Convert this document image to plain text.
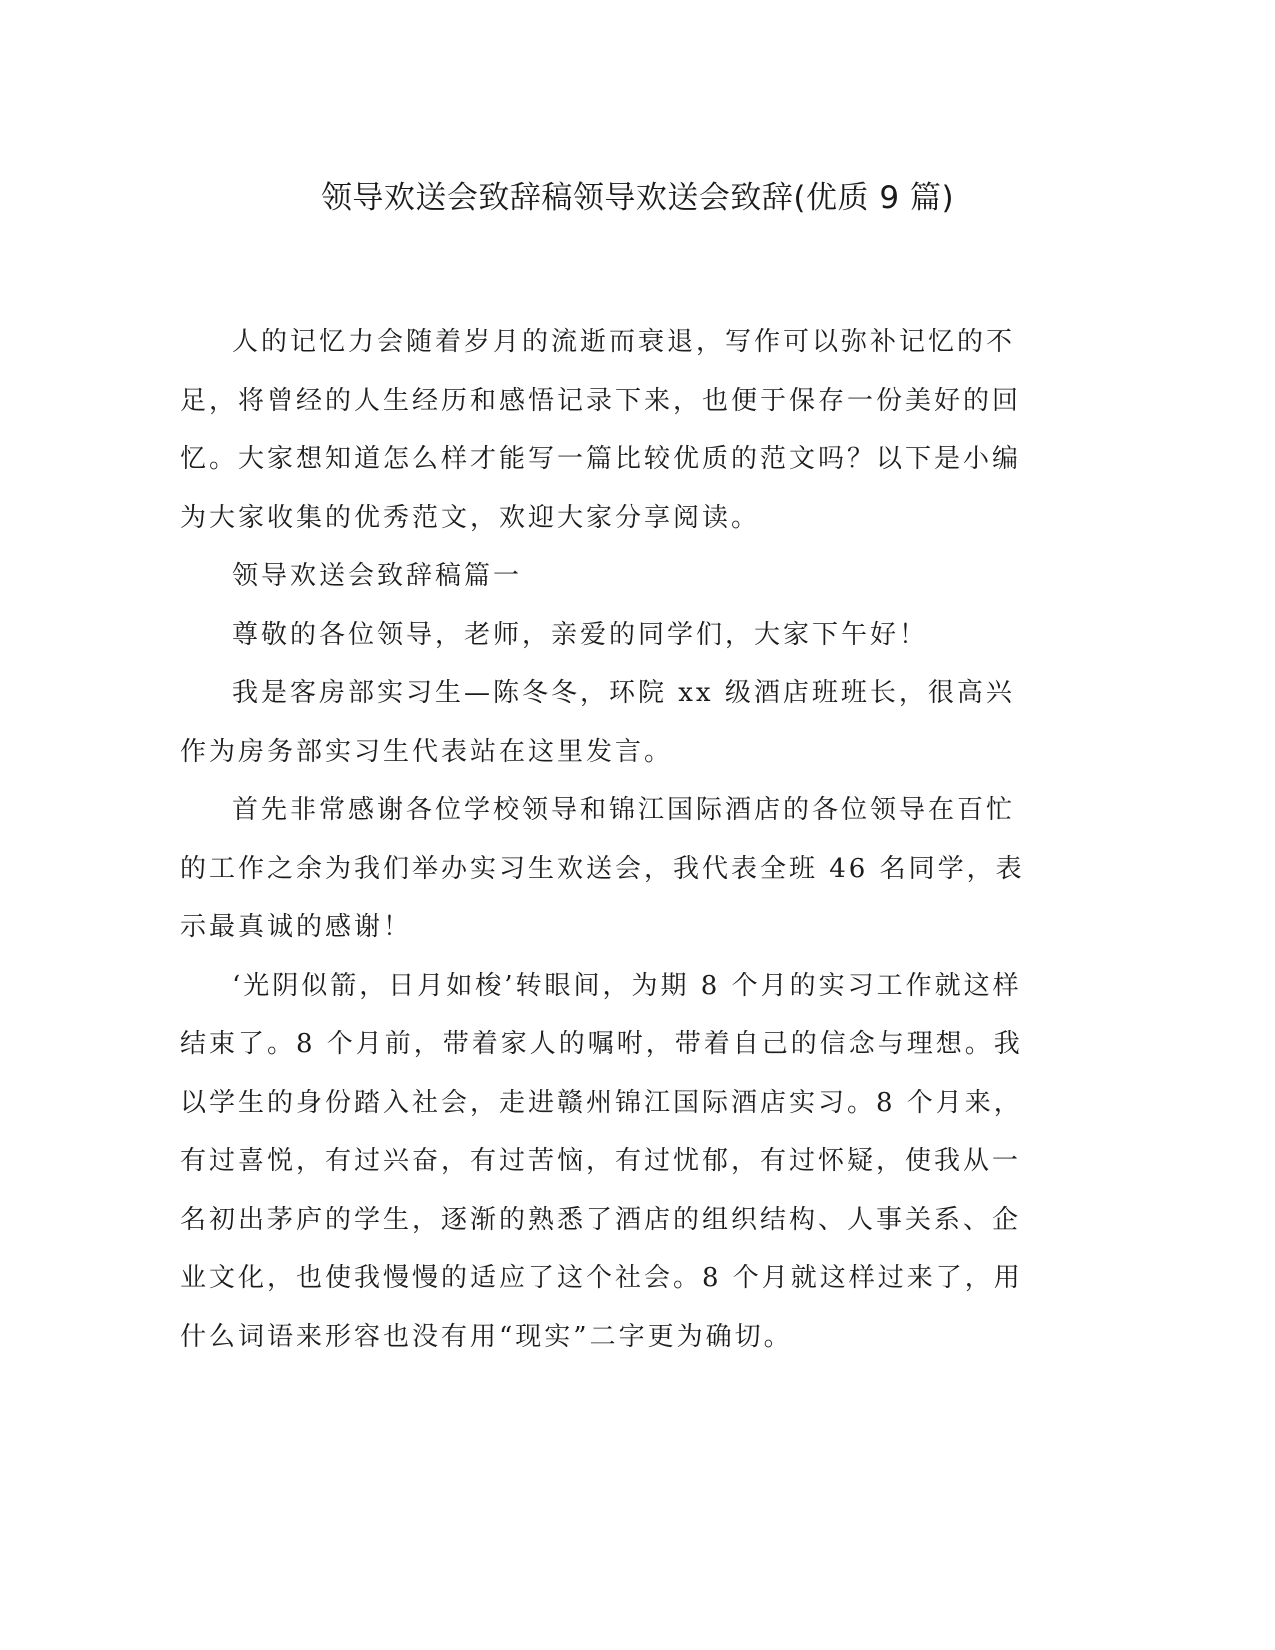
领导欢送会致辞稿领导欢送会致辞(优质 9 篇)

人的记忆力会随着岁月的流逝而衰退，写作可以弥补记忆的不足，将曾经的人生经历和感悟记录下来，也便于保存一份美好的回忆。大家想知道怎么样才能写一篇比较优质的范文吗？以下是小编为大家收集的优秀范文，欢迎大家分享阅读。

领导欢送会致辞稿篇一

尊敬的各位领导，老师，亲爱的同学们，大家下午好！

我是客房部实习生—陈冬冬，环院 xx 级酒店班班长，很高兴作为房务部实习生代表站在这里发言。

首先非常感谢各位学校领导和锦江国际酒店的各位领导在百忙的工作之余为我们举办实习生欢送会，我代表全班 46 名同学，表示最真诚的感谢！

‘光阴似箭，日月如梭’转眼间，为期 8 个月的实习工作就这样结束了。8 个月前，带着家人的嘱咐，带着自己的信念与理想。我以学生的身份踏入社会，走进赣州锦江国际酒店实习。8 个月来，有过喜悦，有过兴奋，有过苦恼，有过忧郁，有过怀疑，使我从一名初出茅庐的学生，逐渐的熟悉了酒店的组织结构、人事关系、企业文化，也使我慢慢的适应了这个社会。8 个月就这样过来了，用什么词语来形容也没有用“现实”二字更为确切。
